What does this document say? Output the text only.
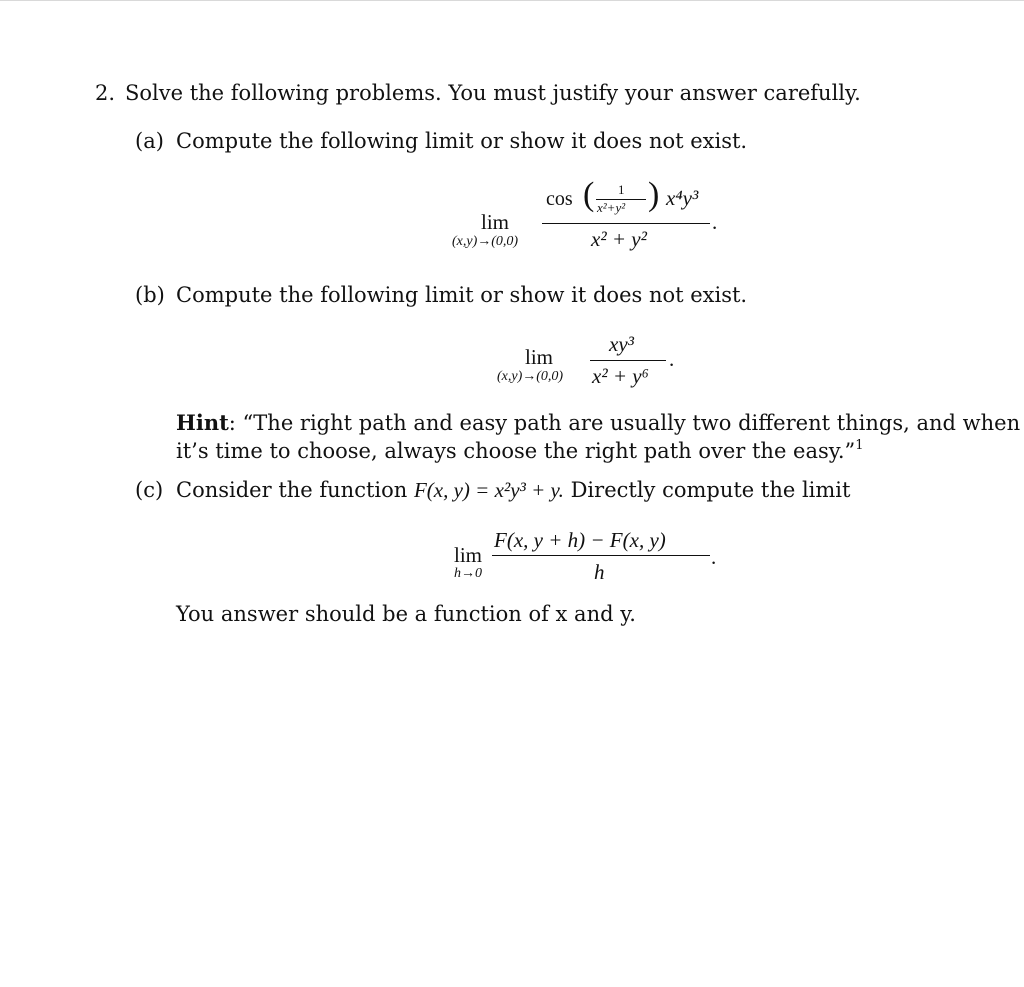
2. Solve the following problems. You must justify your answer carefully.
(a) Compute the following limit or show it does not exist.
lim
(x,y)→(0,0)
cos ( 1
x²+y² ) x⁴y³
x² + y²
.
(b) Compute the following limit or show it does not exist.
lim
(x,y)→(0,0)
xy³
x² + y⁶
.
Hint: “The right path and easy path are usually two different things, and when
it’s time to choose, always choose the right path over the easy.”$^1$
(c) Consider the function F(x, y) = x²y³ + y. Directly compute the limit
lim
h→0
F(x, y + h) − F(x, y)
h
.
You answer should be a function of x and y.
